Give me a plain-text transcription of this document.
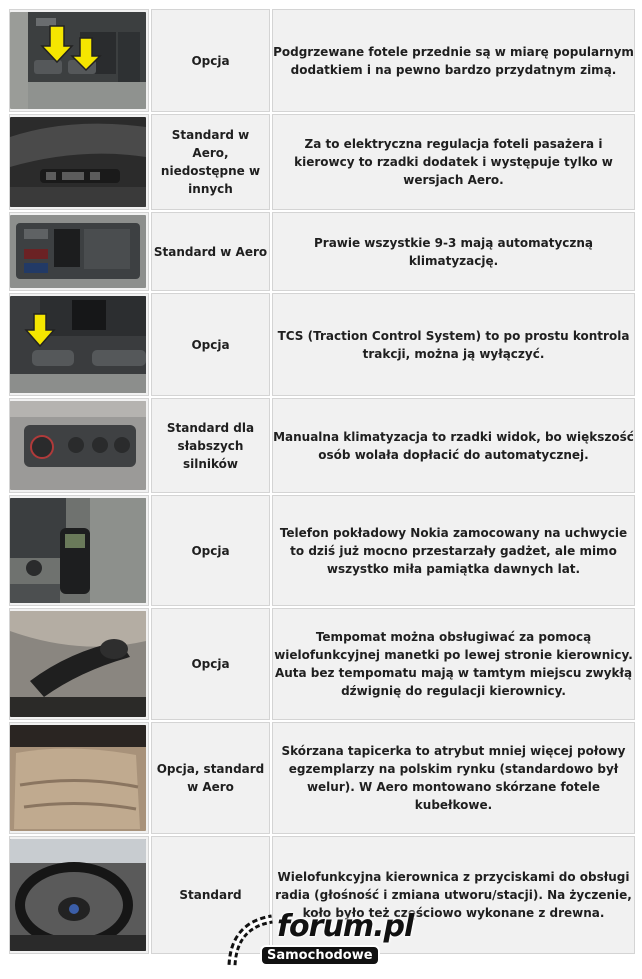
	Opcja	Podgrzewane fotele przednie są w miarę popularnym dodatkiem i na pewno bardzo przydatnym zimą.

	Standard w Aero, niedostępne w innych	Za to elektryczna regulacja foteli pasażera i kierowcy to rzadki dodatek i występuje tylko w wersjach Aero.

	Standard w Aero	Prawie wszystkie 9-3 mają automatyczną klimatyzację.

	Opcja	TCS (Traction Control System) to po prostu kontrola trakcji, można ją wyłączyć.

	Standard dla słabszych silników	Manualna klimatyzacja to rzadki widok, bo większość osób wolała dopłacić do automatycznej.

	Opcja	Telefon pokładowy Nokia zamocowany na uchwycie to dziś już mocno przestarzały gadżet, ale mimo wszystko miła pamiątka dawnych lat.

	Opcja	Tempomat można obsługiwać za pomocą wielofunkcyjnej manetki po lewej stronie kierownicy. Auta bez tempomatu mają w tamtym miejscu zwykłą dźwignię do regulacji kierownicy.

	Opcja, standard w Aero	Skórzana tapicerka to atrybut mniej więcej połowy egzemplarzy na polskim rynku (standardowo był welur). W Aero montowano skórzane fotele kubełkowe.

	Standard	Wielofunkcyjna kierownica z przyciskami do obsługi radia (głośność i zmiana utworu/stacji). Na życzenie, koło było też częściowo wykonane z drewna.
forum.pl
Samochodowe
